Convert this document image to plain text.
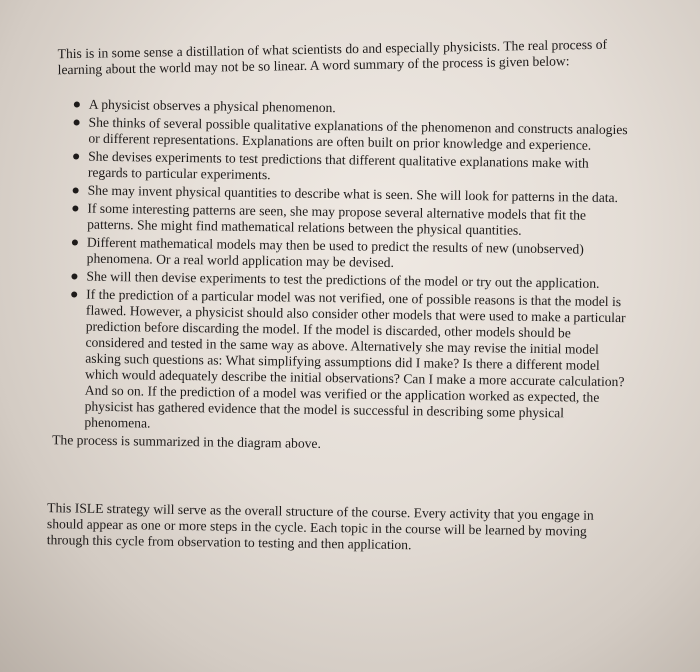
This is in some sense a distillation of what scientists do and especially physicists. The real process of learning about the world may not be so linear. A word summary of the process is given below:

A physicist observes a physical phenomenon.
She thinks of several possible qualitative explanations of the phenomenon and constructs analogies or different representations. Explanations are often built on prior knowledge and experience.
She devises experiments to test predictions that different qualitative explanations make with regards to particular experiments.
She may invent physical quantities to describe what is seen. She will look for patterns in the data.
If some interesting patterns are seen, she may propose several alternative models that fit the patterns. She might find mathematical relations between the physical quantities.
Different mathematical models may then be used to predict the results of new (unobserved) phenomena. Or a real world application may be devised.
She will then devise experiments to test the predictions of the model or try out the application.
If the prediction of a particular model was not verified, one of possible reasons is that the model is flawed. However, a physicist should also consider other models that were used to make a particular prediction before discarding the model. If the model is discarded, other models should be considered and tested in the same way as above. Alternatively she may revise the initial model asking such questions as: What simplifying assumptions did I make? Is there a different model which would adequately describe the initial observations? Can I make a more accurate calculation? And so on. If the prediction of a model was verified or the application worked as expected, the physicist has gathered evidence that the model is successful in describing some physical phenomena.

The process is summarized in the diagram above.

This ISLE strategy will serve as the overall structure of the course. Every activity that you engage in should appear as one or more steps in the cycle. Each topic in the course will be learned by moving through this cycle from observation to testing and then application.
